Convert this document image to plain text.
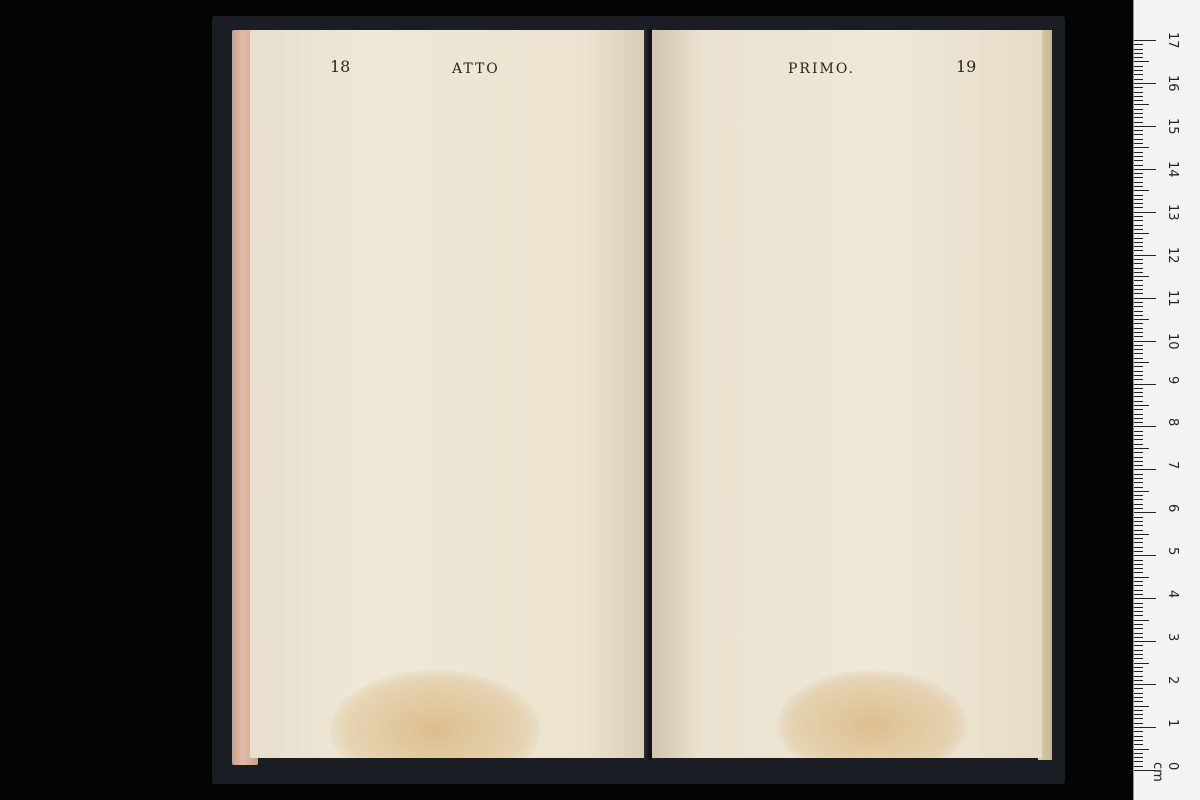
18	ATTO	PRIMO.	19
0 cm
1
2
3
4
5
6
7
8
9
10
11
12
13
14
15
16
17
